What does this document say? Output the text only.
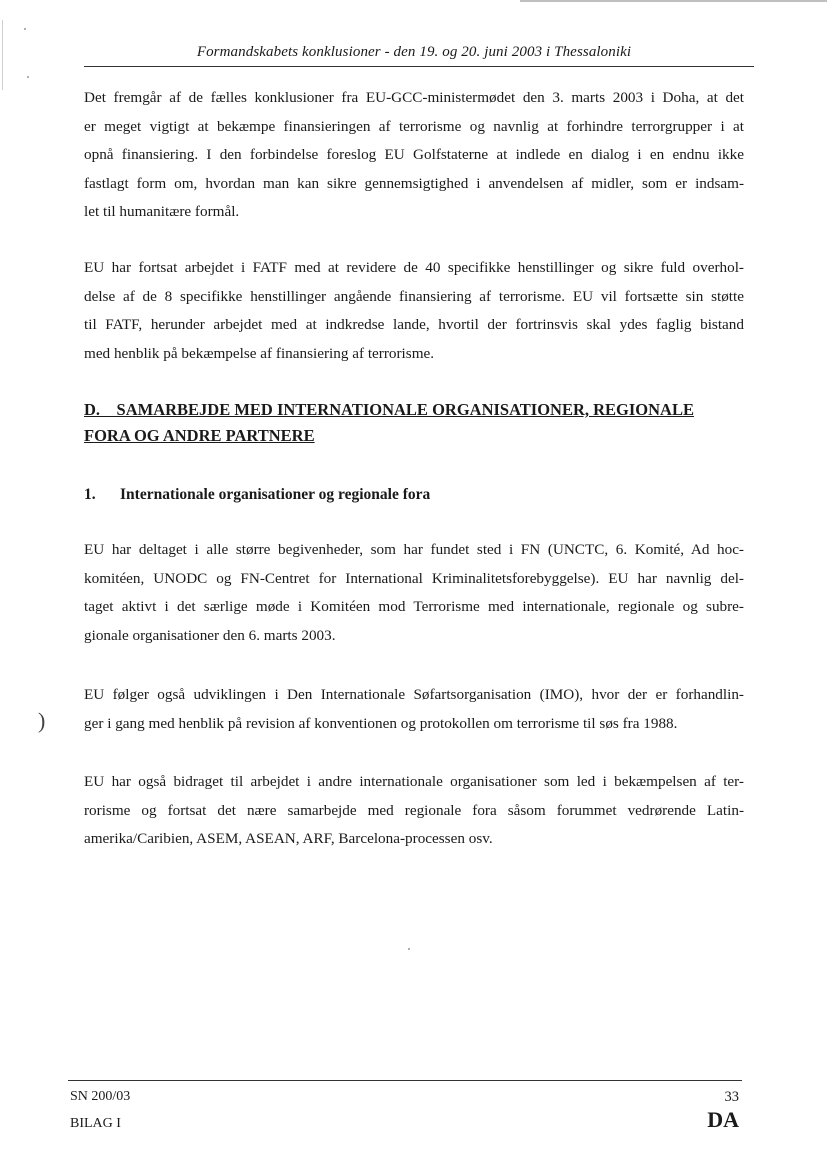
)
Formandskabets konklusioner - den 19. og 20. juni 2003 i Thessaloniki
Det fremgår af de fælles konklusioner fra EU-GCC-ministermødet den 3. marts 2003 i Doha, at det
er meget vigtigt at bekæmpe finansieringen af terrorisme og navnlig at forhindre terrorgrupper i at
opnå finansiering. I den forbindelse foreslog EU Golfstaterne at indlede en dialog i en endnu ikke
fastlagt form om, hvordan man kan sikre gennemsigtighed i anvendelsen af midler, som er indsam-
let til humanitære formål.
EU har fortsat arbejdet i FATF med at revidere de 40 specifikke henstillinger og sikre fuld overhol-
delse af de 8 specifikke henstillinger angående finansiering af terrorisme. EU vil fortsætte sin støtte
til FATF, herunder arbejdet med at indkredse lande, hvortil der fortrinsvis skal ydes faglig bistand
med henblik på bekæmpelse af finansiering af terrorisme.
D.    SAMARBEJDE MED INTERNATIONALE ORGANISATIONER, REGIONALE
FORA OG ANDRE PARTNERE
1. Internationale organisationer og regionale fora
EU har deltaget i alle større begivenheder, som har fundet sted i FN (UNCTC, 6. Komité, Ad hoc-
komitéen, UNODC og FN-Centret for International Kriminalitetsforebyggelse). EU har navnlig del-
taget aktivt i det særlige møde i Komitéen mod Terrorisme med internationale, regionale og subre-
gionale organisationer den 6. marts 2003.
EU følger også udviklingen i Den Internationale Søfartsorganisation (IMO), hvor der er forhandlin-
ger i gang med henblik på revision af konventionen og protokollen om terrorisme til søs fra 1988.
EU har også bidraget til arbejdet i andre internationale organisationer som led i bekæmpelsen af ter-
rorisme og fortsat det nære samarbejde med regionale fora såsom forummet vedrørende Latin-
amerika/Caribien, ASEM, ASEAN, ARF, Barcelona-processen osv.
SN 200/03
BILAG I
33
DA
